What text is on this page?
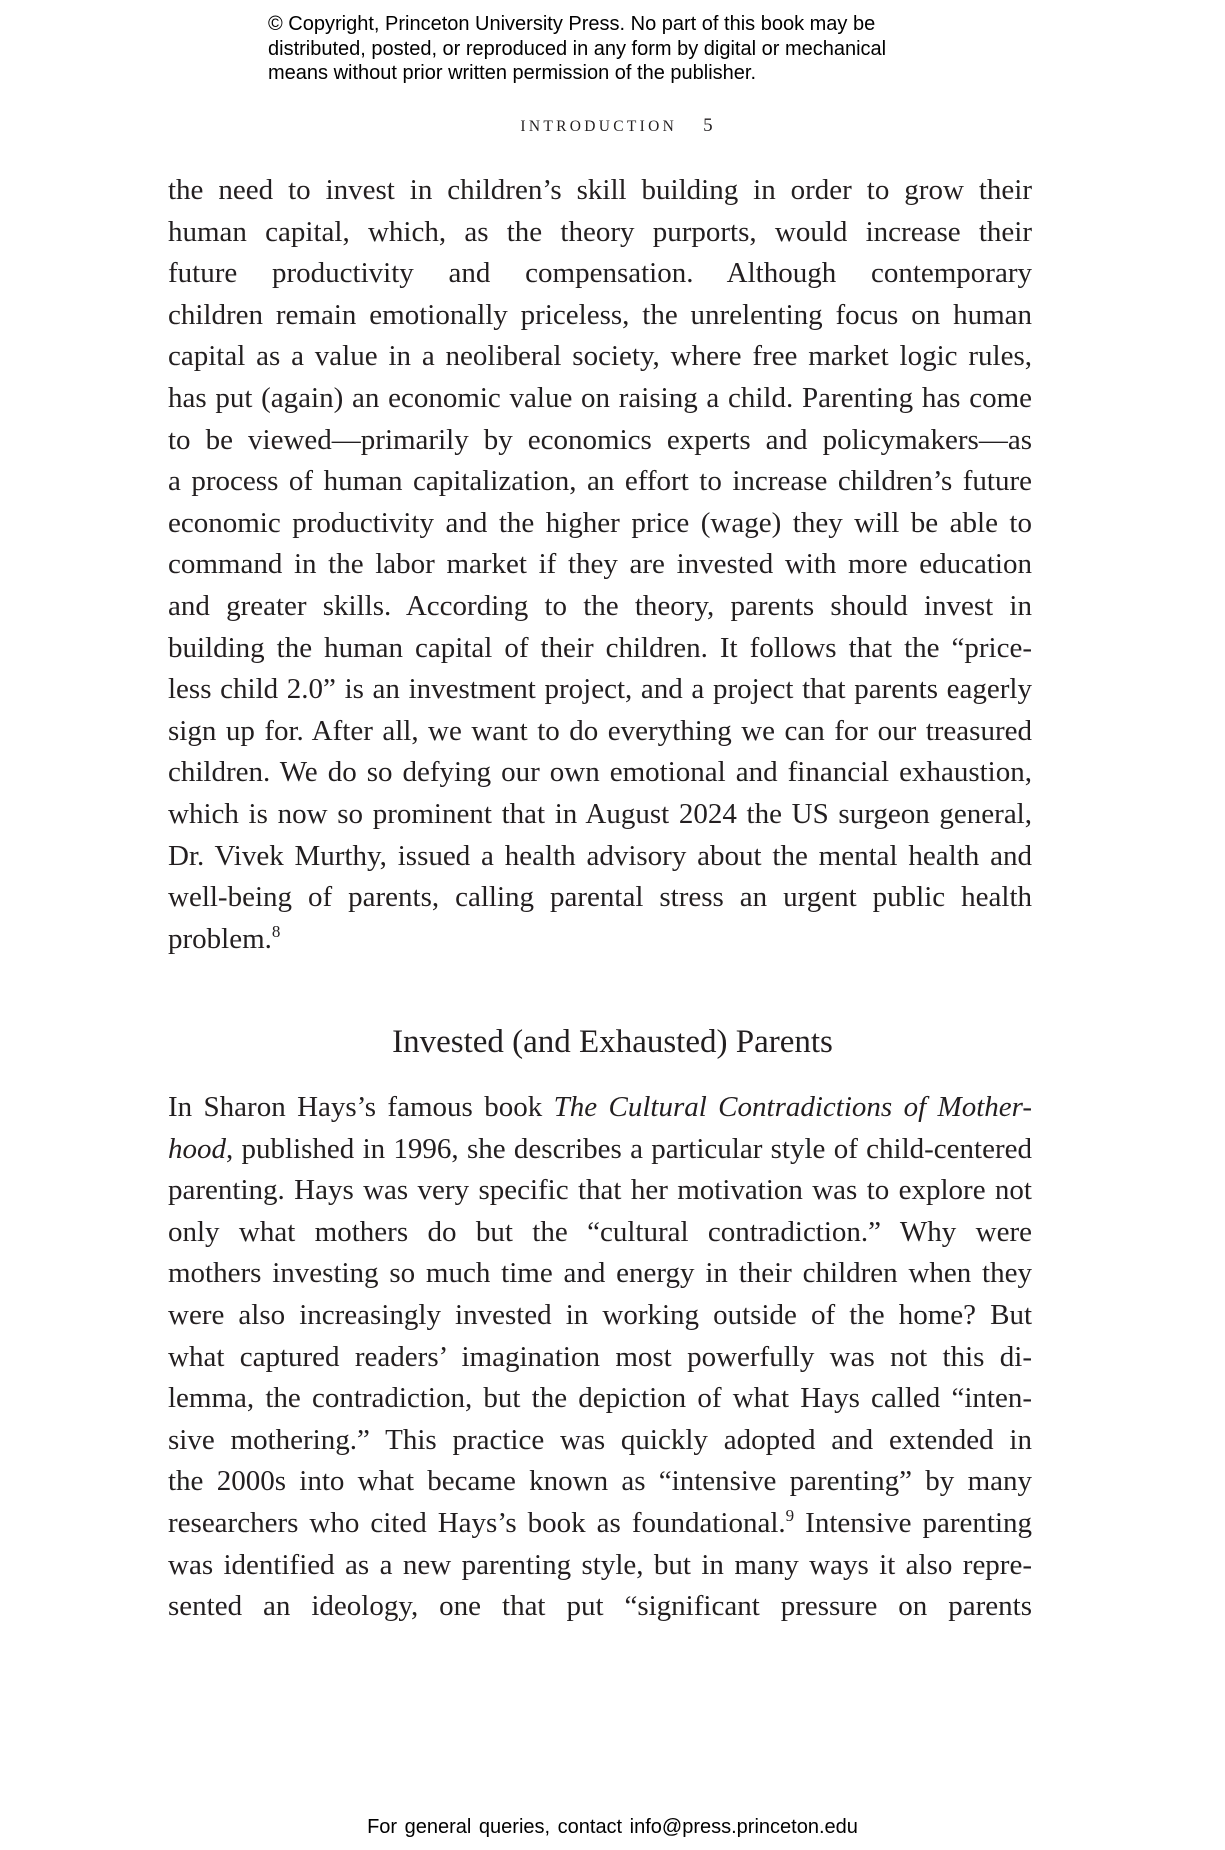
© Copyright, Princeton University Press. No part of this book may be
distributed, posted, or reproduced in any form by digital or mechanical
means without prior written permission of the publisher.
INTRODUCTION 5
the need to invest in children’s skill building in order to grow their
human capital, which, as the theory purports, would increase their
future productivity and compensation. Although contemporary
children remain emotionally priceless, the unrelenting focus on human
capital as a value in a neoliberal society, where free market logic rules,
has put (again) an economic value on raising a child. Parenting has come
to be viewed—primarily by economics experts and policymakers—as
a process of human capitalization, an effort to increase children’s future
economic productivity and the higher price (wage) they will be able to
command in the labor market if they are invested with more education
and greater skills. According to the theory, parents should invest in
building the human capital of their children. It follows that the “price-
less child 2.0” is an investment project, and a project that parents eagerly
sign up for. After all, we want to do everything we can for our treasured
children. We do so defying our own emotional and financial exhaustion,
which is now so prominent that in August 2024 the US surgeon general,
Dr. Vivek Murthy, issued a health advisory about the mental health and
well-being of parents, calling parental stress an urgent public health
problem.$^8$
Invested (and Exhausted) Parents
In Sharon Hays’s famous book The Cultural Contradictions of Mother-
hood, published in 1996, she describes a particular style of child-centered
parenting. Hays was very specific that her motivation was to explore not
only what mothers do but the “cultural contradiction.” Why were
mothers investing so much time and energy in their children when they
were also increasingly invested in working outside of the home? But
what captured readers’ imagination most powerfully was not this di-
lemma, the contradiction, but the depiction of what Hays called “inten-
sive mothering.” This practice was quickly adopted and extended in
the 2000s into what became known as “intensive parenting” by many
researchers who cited Hays’s book as foundational.$^9$ Intensive parenting
was identified as a new parenting style, but in many ways it also repre-
sented an ideology, one that put “significant pressure on parents
For general queries, contact info@press.princeton.edu
